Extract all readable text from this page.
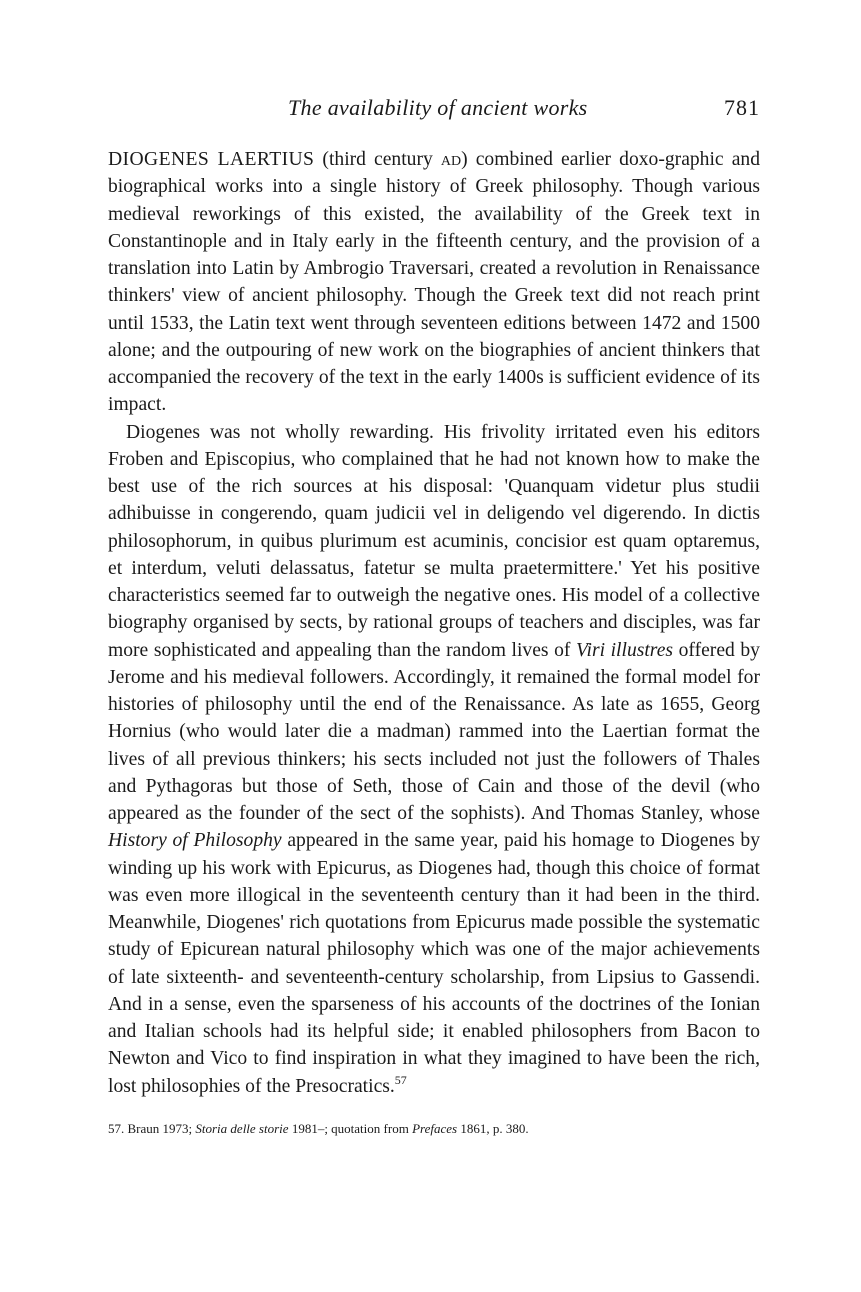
The availability of ancient works	781

DIOGENES LAERTIUS (third century ad) combined earlier doxo-graphic and biographical works into a single history of Greek philosophy. Though various medieval reworkings of this existed, the availability of the Greek text in Constantinople and in Italy early in the fifteenth century, and the provision of a translation into Latin by Ambrogio Traversari, created a revolution in Renaissance thinkers' view of ancient philosophy. Though the Greek text did not reach print until 1533, the Latin text went through seventeen editions between 1472 and 1500 alone; and the outpouring of new work on the biographies of ancient thinkers that accompanied the recovery of the text in the early 1400s is sufficient evidence of its impact.

Diogenes was not wholly rewarding. His frivolity irritated even his editors Froben and Episcopius, who complained that he had not known how to make the best use of the rich sources at his disposal: 'Quanquam videtur plus studii adhibuisse in congerendo, quam judicii vel in deligendo vel digerendo. In dictis philosophorum, in quibus plurimum est acuminis, concisior est quam optaremus, et interdum, veluti delassatus, fatetur se multa praetermittere.' Yet his positive characteristics seemed far to outweigh the negative ones. His model of a collective biography organised by sects, by rational groups of teachers and disciples, was far more sophisticated and appealing than the random lives of Viri illustres offered by Jerome and his medieval followers. Accordingly, it remained the formal model for histories of philosophy until the end of the Renaissance. As late as 1655, Georg Hornius (who would later die a madman) rammed into the Laertian format the lives of all previous thinkers; his sects included not just the followers of Thales and Pythagoras but those of Seth, those of Cain and those of the devil (who appeared as the founder of the sect of the sophists). And Thomas Stanley, whose History of Philosophy appeared in the same year, paid his homage to Diogenes by winding up his work with Epicurus, as Diogenes had, though this choice of format was even more illogical in the seventeenth century than it had been in the third. Meanwhile, Diogenes' rich quotations from Epicurus made possible the systematic study of Epicurean natural philosophy which was one of the major achievements of late sixteenth- and seventeenth-century scholarship, from Lipsius to Gassendi. And in a sense, even the sparseness of his accounts of the doctrines of the Ionian and Italian schools had its helpful side; it enabled philosophers from Bacon to Newton and Vico to find inspiration in what they imagined to have been the rich, lost philosophies of the Presocratics.$^{57}$

57. Braun 1973; Storia delle storie 1981–; quotation from Prefaces 1861, p. 380.
